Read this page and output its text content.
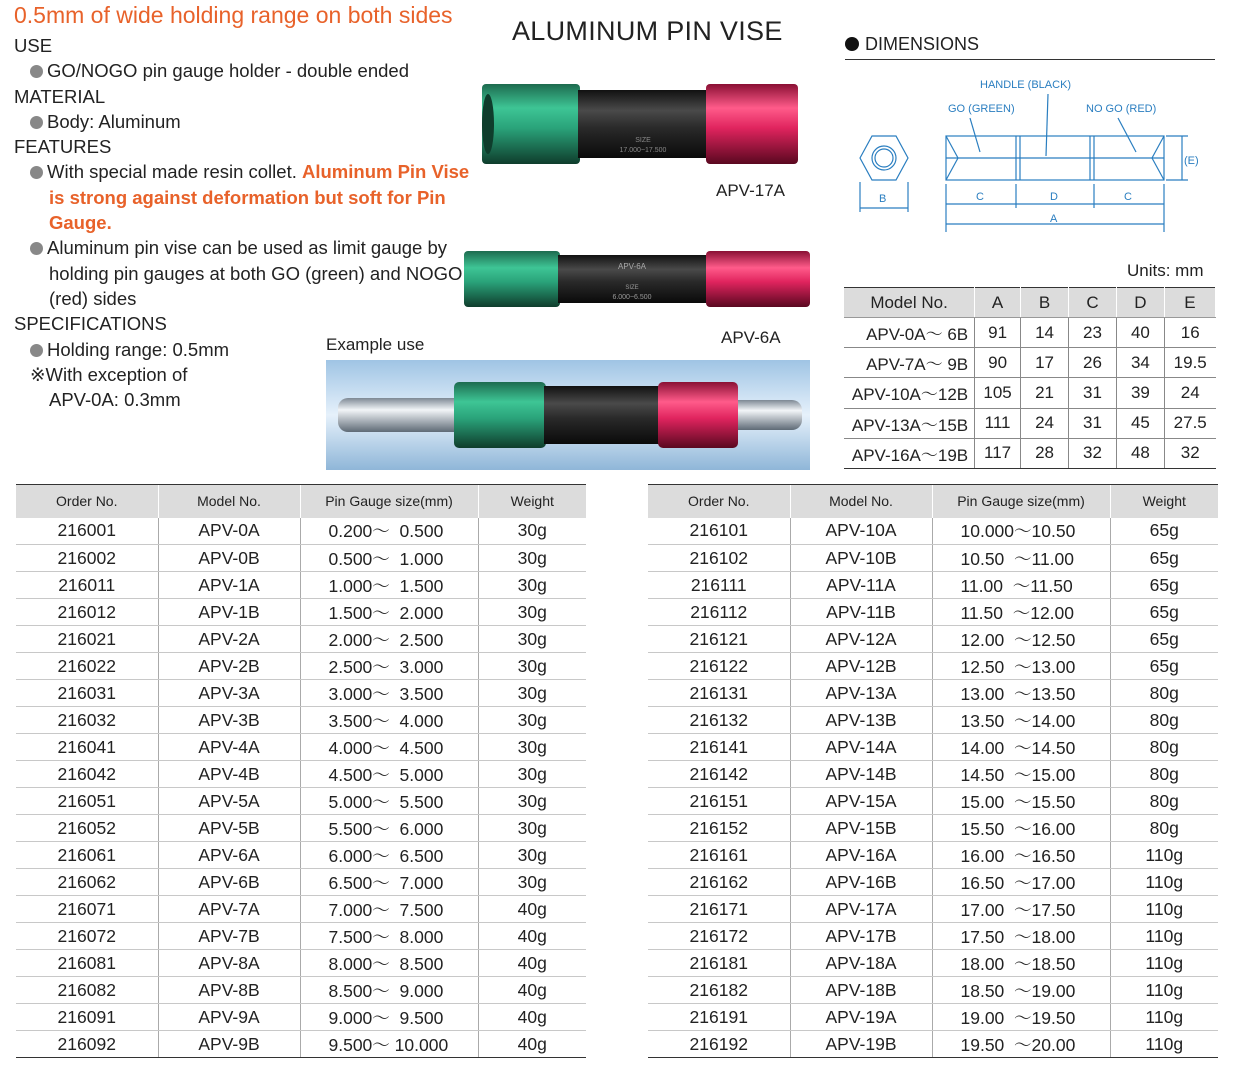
0.5mm of wide holding range on both sides
ALUMINUM PIN VISE
USE
GO/NOGO pin gauge holder - double ended
MATERIAL
Body: Aluminum
FEATURES
With special made resin collet. Aluminum Pin Vise is strong against deformation but soft for Pin Gauge.
Aluminum pin vise can be used as limit gauge by holding pin gauges at both GO (green) and NOGO (red) sides
SPECIFICATIONS
Holding range: 0.5mm
※With exception of
APV-0A: 0.3mm
SIZE
17.000~17.500
APV-17A
APV-6A
SIZE
6.000~6.500
APV-6A
Example use
DIMENSIONS
HANDLE (BLACK)
GO (GREEN)	NO GO (RED)
B	C	D	C
A
(E)
Units: mm
Model No.	A	B	C	D	E
APV-0A～ 6B	91	14	23	40	16
APV-7A～ 9B	90	17	26	34	19.5
APV-10A～12B	105	21	31	39	24
APV-13A～15B	111	24	31	45	27.5
APV-16A～19B	117	28	32	48	32
Order No.	Model No.	Pin Gauge size(mm)	Weight
216001	APV-0A	0.200～  0.500	30g
216002	APV-0B	0.500～  1.000	30g
216011	APV-1A	1.000～  1.500	30g
216012	APV-1B	1.500～  2.000	30g
216021	APV-2A	2.000～  2.500	30g
216022	APV-2B	2.500～  3.000	30g
216031	APV-3A	3.000～  3.500	30g
216032	APV-3B	3.500～  4.000	30g
216041	APV-4A	4.000～  4.500	30g
216042	APV-4B	4.500～  5.000	30g
216051	APV-5A	5.000～  5.500	30g
216052	APV-5B	5.500～  6.000	30g
216061	APV-6A	6.000～  6.500	30g
216062	APV-6B	6.500～  7.000	30g
216071	APV-7A	7.000～  7.500	40g
216072	APV-7B	7.500～  8.000	40g
216081	APV-8A	8.000～  8.500	40g
216082	APV-8B	8.500～  9.000	40g
216091	APV-9A	9.000～  9.500	40g
216092	APV-9B	9.500～ 10.000	40g
Order No.	Model No.	Pin Gauge size(mm)	Weight
216101	APV-10A	10.000～10.50	65g
216102	APV-10B	10.50  ～11.00	65g
216111	APV-11A	11.00  ～11.50	65g
216112	APV-11B	11.50  ～12.00	65g
216121	APV-12A	12.00  ～12.50	65g
216122	APV-12B	12.50  ～13.00	65g
216131	APV-13A	13.00  ～13.50	80g
216132	APV-13B	13.50  ～14.00	80g
216141	APV-14A	14.00  ～14.50	80g
216142	APV-14B	14.50  ～15.00	80g
216151	APV-15A	15.00  ～15.50	80g
216152	APV-15B	15.50  ～16.00	80g
216161	APV-16A	16.00  ～16.50	110g
216162	APV-16B	16.50  ～17.00	110g
216171	APV-17A	17.00  ～17.50	110g
216172	APV-17B	17.50  ～18.00	110g
216181	APV-18A	18.00  ～18.50	110g
216182	APV-18B	18.50  ～19.00	110g
216191	APV-19A	19.00  ～19.50	110g
216192	APV-19B	19.50  ～20.00	110g
